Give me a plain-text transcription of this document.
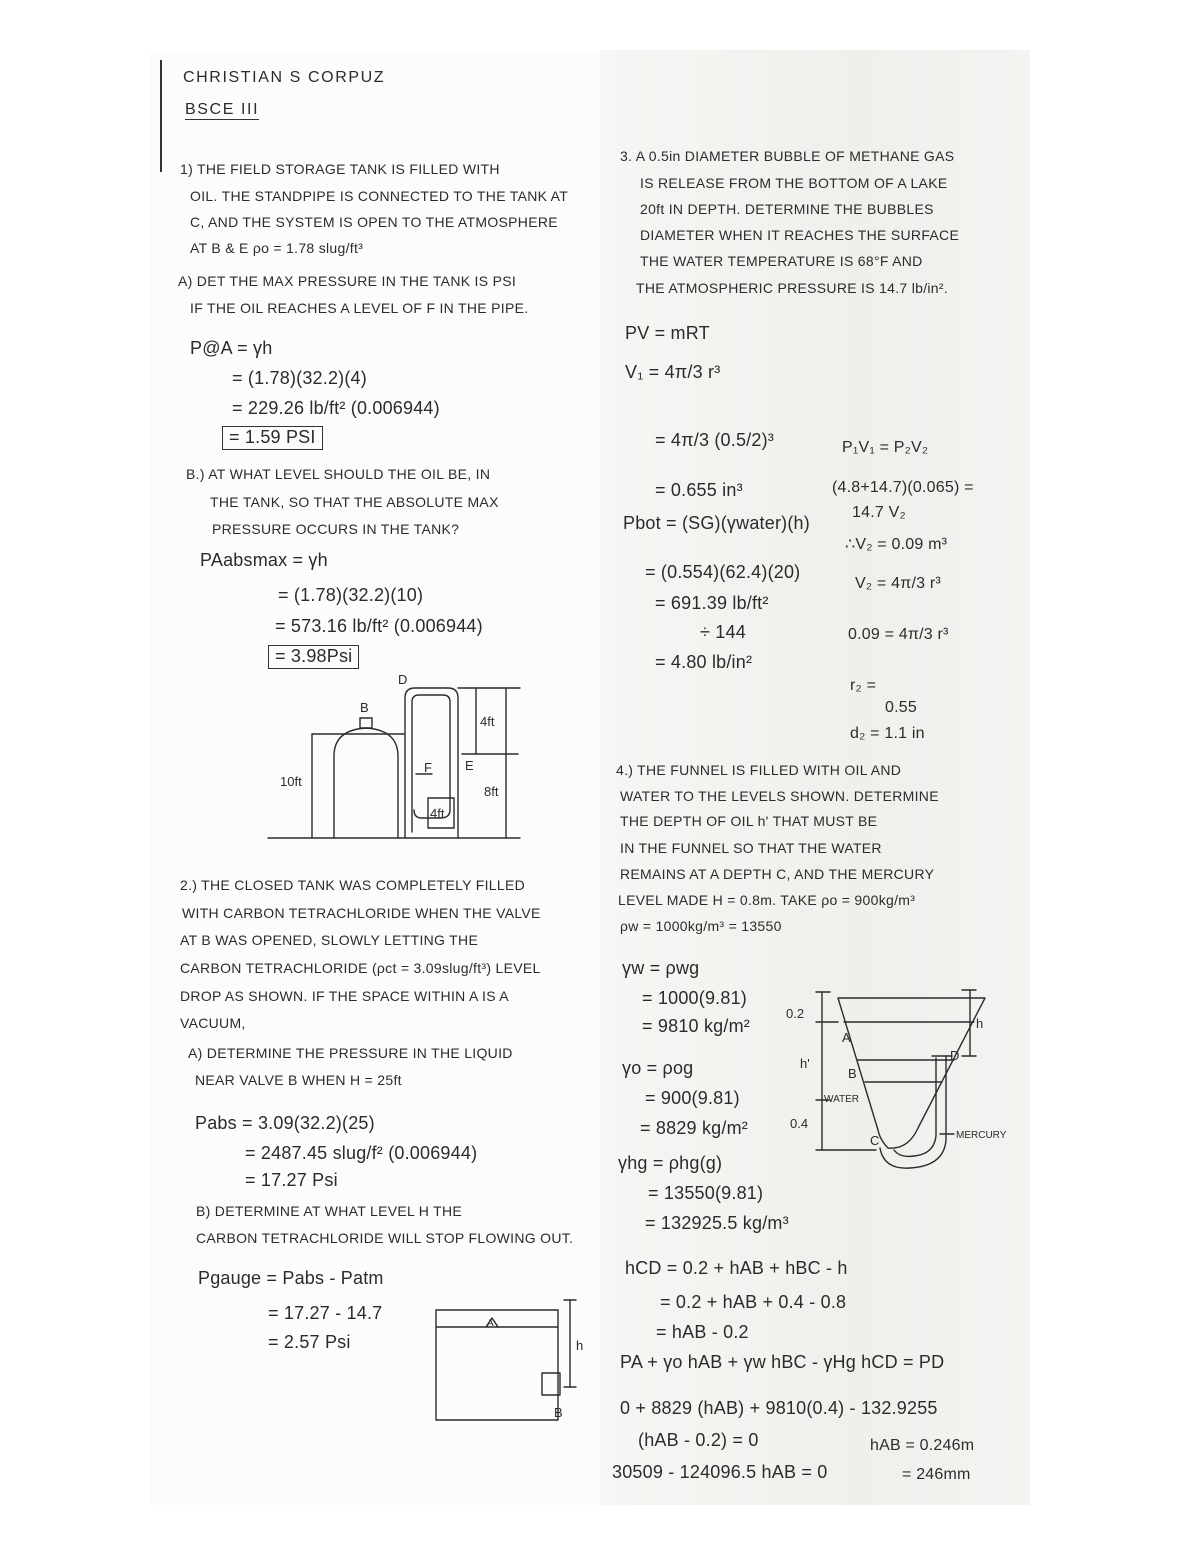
CHRISTIAN S CORPUZ
BSCE III
1) THE FIELD STORAGE TANK IS FILLED WITH
OIL. THE STANDPIPE IS CONNECTED TO THE TANK AT
C, AND THE SYSTEM IS OPEN TO THE ATMOSPHERE
AT B & E ρo = 1.78 slug/ft³
A) DET THE MAX PRESSURE IN THE TANK IS PSI
IF THE OIL REACHES A LEVEL OF F IN THE PIPE.
P@A = γh
= (1.78)(32.2)(4)
= 229.26 lb/ft² (0.006944)
= 1.59 PSI
B.) AT WHAT LEVEL SHOULD THE OIL BE, IN
THE TANK, SO THAT THE ABSOLUTE MAX
PRESSURE OCCURS IN THE TANK?
PAabsmax = γh
= (1.78)(32.2)(10)
= 573.16 lb/ft² (0.006944)
= 3.98Psi
B
10ft
D
4ft
E
8ft
F
4ft
2.) THE CLOSED TANK WAS COMPLETELY FILLED
WITH CARBON TETRACHLORIDE WHEN THE VALVE
AT B WAS OPENED, SLOWLY LETTING THE
CARBON TETRACHLORIDE (ρct = 3.09slug/ft³) LEVEL
DROP AS SHOWN. IF THE SPACE WITHIN A IS A
VACUUM,
A) DETERMINE THE PRESSURE IN THE LIQUID
NEAR VALVE B WHEN H = 25ft
Pabs = 3.09(32.2)(25)
= 2487.45 slug/f² (0.006944)
= 17.27 Psi
B) DETERMINE AT WHAT LEVEL H THE
CARBON TETRACHLORIDE WILL STOP FLOWING OUT.
Pgauge = Pabs - Patm
= 17.27 - 14.7
= 2.57 Psi
A
h
B
3. A 0.5in DIAMETER BUBBLE OF METHANE GAS
IS RELEASE FROM THE BOTTOM OF A LAKE
20ft IN DEPTH. DETERMINE THE BUBBLES
DIAMETER WHEN IT REACHES THE SURFACE
THE WATER TEMPERATURE IS 68°F AND
THE ATMOSPHERIC PRESSURE IS 14.7 lb/in².
PV = mRT
V₁ = 4π/3 r³
= 4π/3 (0.5/2)³
= 0.655 in³
Pbot = (SG)(γwater)(h)
= (0.554)(62.4)(20)
= 691.39 lb/ft²
÷ 144
= 4.80 lb/in²
P₁V₁ = P₂V₂
(4.8+14.7)(0.065) =
14.7 V₂
∴V₂ = 0.09 m³
V₂ = 4π/3 r³
0.09 = 4π/3 r³
r₂ =
0.55
d₂ = 1.1 in
4.) THE FUNNEL IS FILLED WITH OIL AND
WATER TO THE LEVELS SHOWN. DETERMINE
THE DEPTH OF OIL h' THAT MUST BE
IN THE FUNNEL SO THAT THE WATER
REMAINS AT A DEPTH C, AND THE MERCURY
LEVEL MADE H = 0.8m. TAKE ρo = 900kg/m³
ρw = 1000kg/m³ = 13550
γw = ρwg
= 1000(9.81)
= 9810 kg/m²
γo = ρog
= 900(9.81)
= 8829 kg/m²
γhg = ρhg(g)
= 13550(9.81)
= 132925.5 kg/m³
hCD = 0.2 + hAB + hBC - h
= 0.2 + hAB + 0.4 - 0.8
= hAB - 0.2
PA + γo hAB + γw hBC - γHg hCD = PD
0 + 8829 (hAB) + 9810(0.4) - 132.9255
(hAB - 0.2) = 0
30509 - 124096.5 hAB = 0
hAB = 0.246m
= 246mm
0.2
h'
0.4
A
B
WATER
C
D
h
MERCURY
